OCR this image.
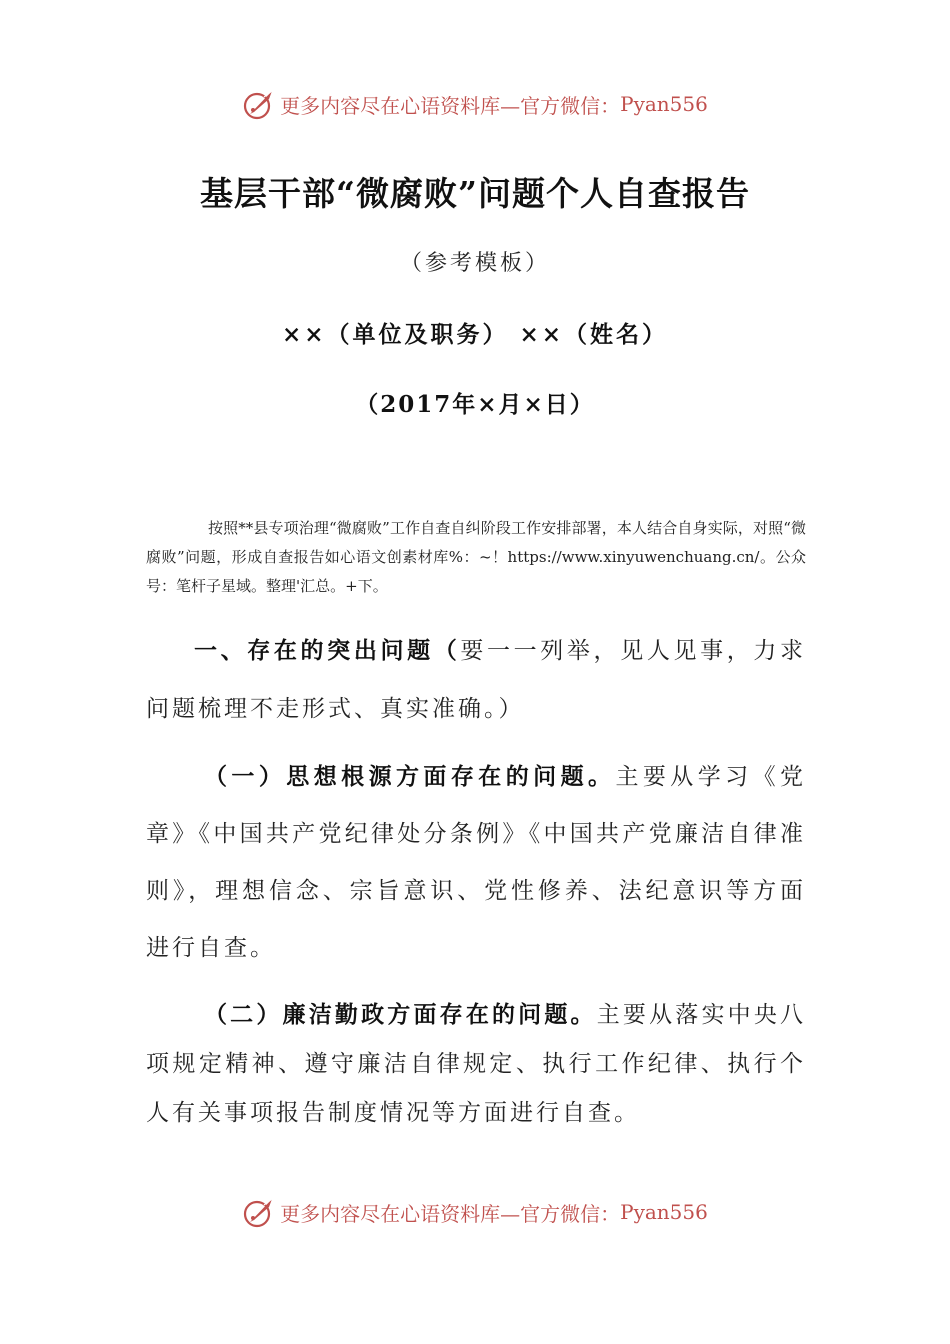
更多内容尽在心语资料库—官方微信： Pyan556
基层干部“微腐败”问题个人自查报告
（参考模板）
××（单位及职务） ××（姓名）
（2017年×月×日）
按照**县专项治理“微腐败”工作自查自纠阶段工作安排部署，本人结合自身实际，对照“微腐败”问题，形成自查报告如心语文创素材库%：~！https://www.xinyuwenchuang.cn/。公众号：笔杆子星域。整理'汇总。+下。
一、存在的突出问题（要一一列举，见人见事，力求问题梳理不走形式、真实准确。）
（一）思想根源方面存在的问题。主要从学习《党章》《中国共产党纪律处分条例》《中国共产党廉洁自律准则》，理想信念、宗旨意识、党性修养、法纪意识等方面进行自查。
（二）廉洁勤政方面存在的问题。主要从落实中央八项规定精神、遵守廉洁自律规定、执行工作纪律、执行个人有关事项报告制度情况等方面进行自查。
更多内容尽在心语资料库—官方微信： Pyan556
